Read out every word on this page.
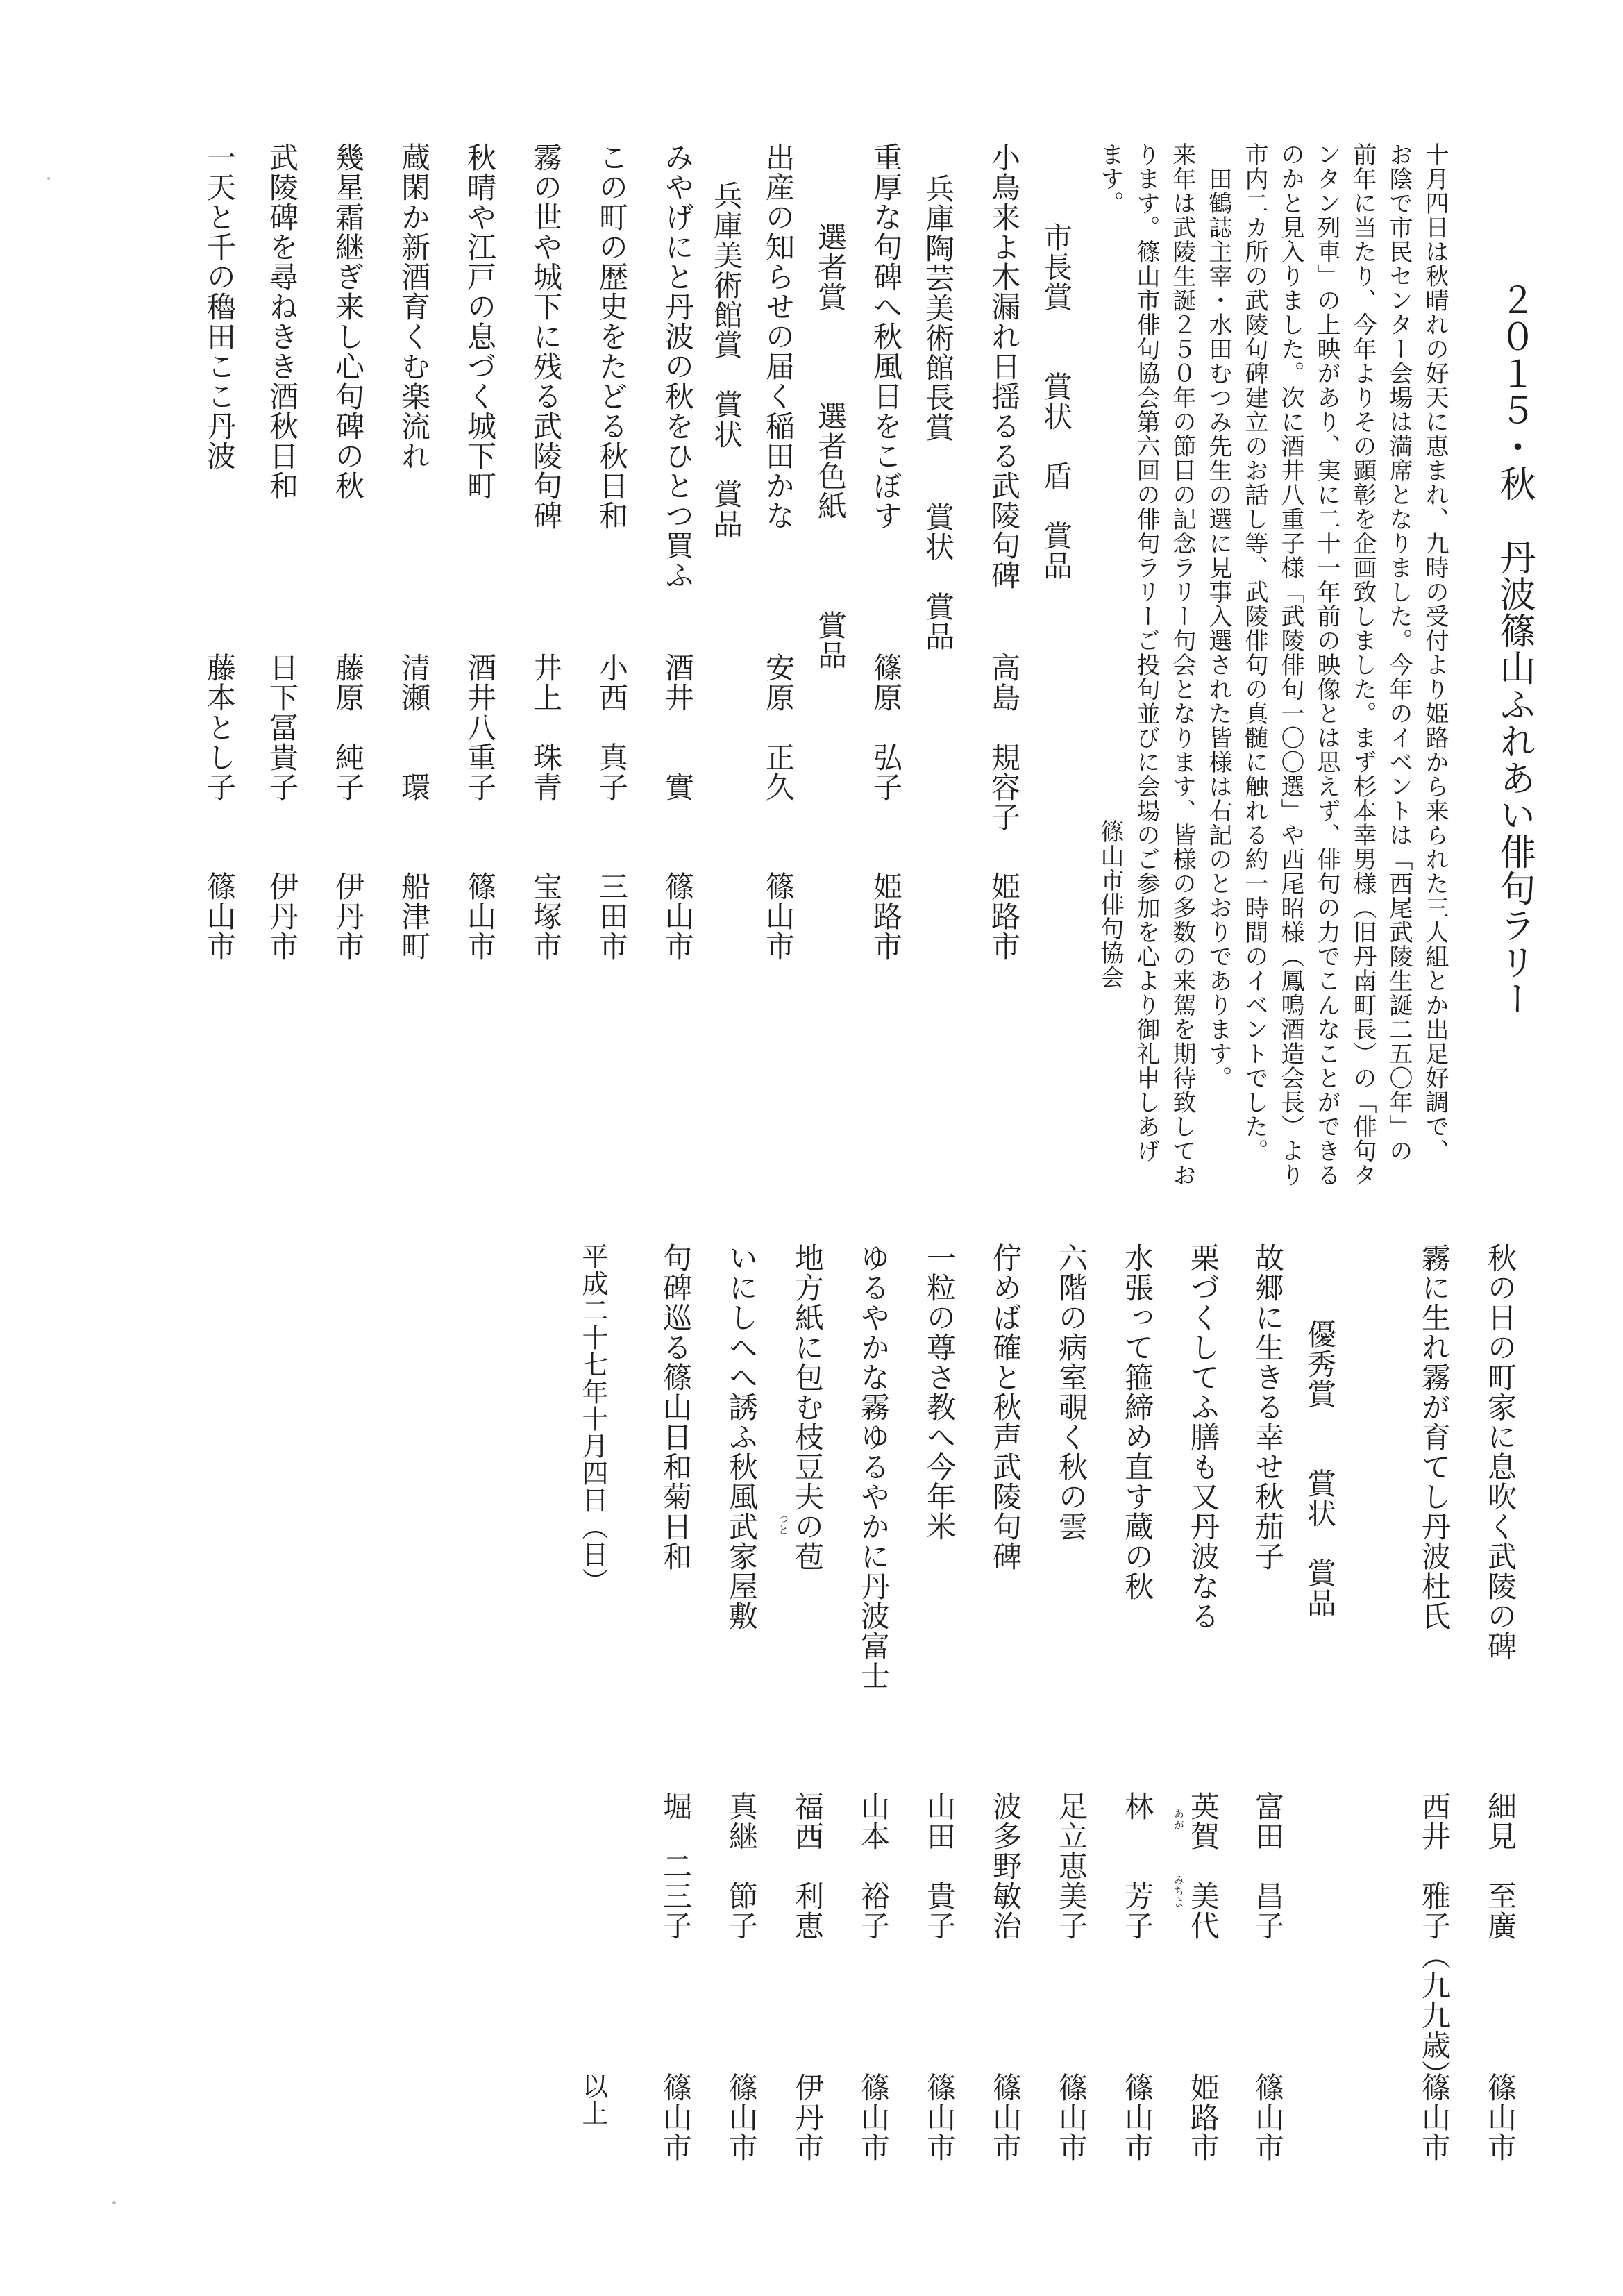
２０１５・秋　丹波篠山ふれあい俳句ラリー
十月四日は秋晴れの好天に恵まれ、九時の受付より姫路から来られた三人組とか出足好調で、
お陰で市民センター会場は満席となりました。今年のイベントは「西尾武陵生誕二五〇年」の
前年に当たり、今年よりその顕彰を企画致しました。まず杉本幸男様（旧丹南町長）の「俳句タ
ンタン列車」の上映があり、実に二十一年前の映像とは思えず、俳句の力でこんなことができる
のかと見入りました。次に酒井八重子様「武陵俳句一〇〇選」や西尾昭様（鳳鳴酒造会長）より
市内二カ所の武陵句碑建立のお話し等、武陵俳句の真髄に触れる約一時間のイベントでした。
田鶴誌主宰・水田むつみ先生の選に見事入選された皆様は右記のとおりであります。
来年は武陵生誕２５０年の節目の記念ラリー句会となります、皆様の多数の来駕を期待致してお
ります。篠山市俳句協会第六回の俳句ラリーご投句並びに会場のご参加を心より御礼申しあげ
ます。
篠山市俳句協会
市長賞　　賞状　盾　賞品
小鳥来よ木漏れ日揺るる武陵句碑
高島　規容子
姫路市
兵庫陶芸美術館長賞　　賞状　賞品
重厚な句碑へ秋風日をこぼす
篠原　弘子
姫路市
選者賞　　　選者色紙　　　賞品
出産の知らせの届く稲田かな
安原　正久
篠山市
兵庫美術館賞　賞状　賞品
みやげにと丹波の秋をひとつ買ふ
酒井　　實
篠山市
この町の歴史をたどる秋日和
小西　真子
三田市
霧の世や城下に残る武陵句碑
井上　珠青
宝塚市
秋晴や江戸の息づく城下町
酒井八重子
篠山市
蔵閑か新酒育くむ楽流れ
清瀬　　環
船津町
幾星霜継ぎ来し心句碑の秋
藤原　純子
伊丹市
武陵碑を尋ねきき酒秋日和
日下冨貴子
伊丹市
一天と千の穭田ここ丹波
藤本とし子
篠山市
秋の日の町家に息吹く武陵の碑
細見　至廣
篠山市
霧に生れ霧が育てし丹波杜氏
西井　雅子（九九歳）
篠山市
優秀賞　　賞状　賞品
故郷に生きる幸せ秋茄子
富田　昌子
篠山市
栗づくしてふ膳も又丹波なる
英賀　美代
姫路市
あが
みちよ
水張って箍締め直す蔵の秋
林　　芳子
篠山市
六階の病室覗く秋の雲
足立恵美子
篠山市
佇めば確と秋声武陵句碑
波多野敏治
篠山市
一粒の尊さ教へ今年米
山田　貴子
篠山市
ゆるやかな霧ゆるやかに丹波富士
山本　裕子
篠山市
地方紙に包む枝豆夫の苞
福西　利恵
伊丹市
つと
いにしへへ誘ふ秋風武家屋敷
真継　節子
篠山市
句碑巡る篠山日和菊日和
堀　二三子
篠山市
平成二十七年十月四日（日）
以上
